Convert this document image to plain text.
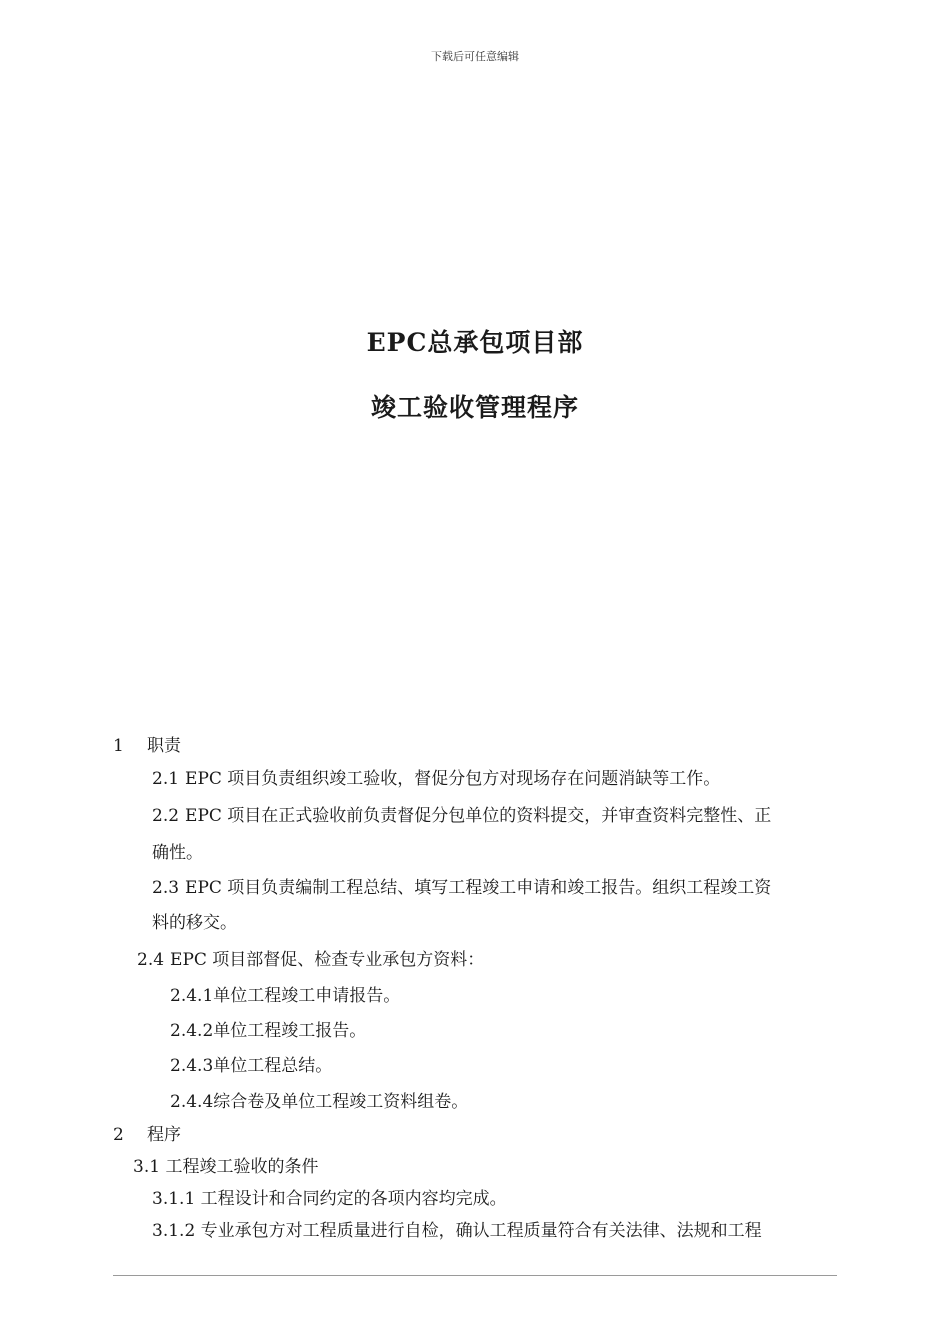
下载后可任意编辑
EPC总承包项目部
竣工验收管理程序
1 职责
2.1 EPC 项目负责组织竣工验收，督促分包方对现场存在问题消缺等工作。
2.2 EPC 项目在正式验收前负责督促分包单位的资料提交，并审查资料完整性、正
确性。
2.3 EPC 项目负责编制工程总结、填写工程竣工申请和竣工报告。组织工程竣工资
料的移交。
2.4 EPC 项目部督促、检查专业承包方资料：
2.4.1单位工程竣工申请报告。
2.4.2单位工程竣工报告。
2.4.3单位工程总结。
2.4.4综合卷及单位工程竣工资料组卷。
2 程序
3.1 工程竣工验收的条件
3.1.1 工程设计和合同约定的各项内容均完成。
3.1.2 专业承包方对工程质量进行自检，确认工程质量符合有关法律、法规和工程
